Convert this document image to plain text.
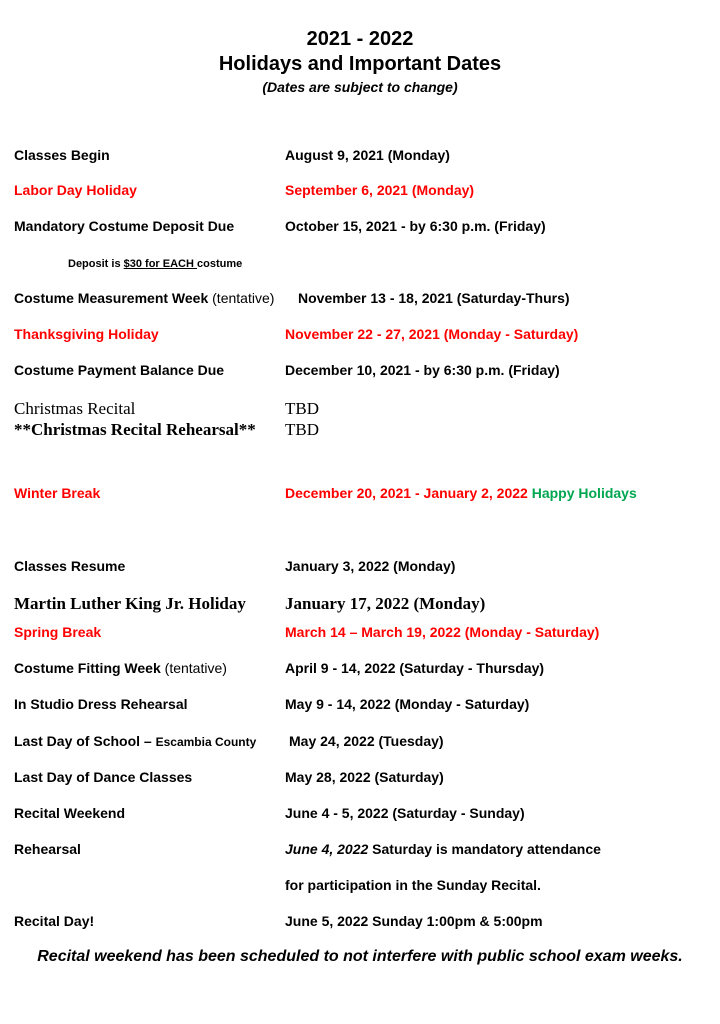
2021 - 2022
Holidays and Important Dates
(Dates are subject to change)
Classes Begin	August 9, 2021 (Monday)
Labor Day Holiday	September 6, 2021 (Monday)
Mandatory Costume Deposit Due	October 15, 2021 - by 6:30 p.m. (Friday)
Deposit is $30 for EACH costume
Costume Measurement Week (tentative) November 13 - 18, 2021 (Saturday-Thurs)
Thanksgiving Holiday	November 22 - 27, 2021 (Monday - Saturday)
Costume Payment Balance Due	December 10, 2021 - by 6:30 p.m. (Friday)
Christmas Recital	TBD
**Christmas Recital Rehearsal** TBD
Winter Break	December 20, 2021 - January 2, 2022 Happy Holidays
Classes Resume	January 3, 2022 (Monday)
Martin Luther King Jr. Holiday January 17, 2022 (Monday)
Spring Break	March 14 – March 19, 2022 (Monday - Saturday)
Costume Fitting Week (tentative)	April 9 - 14, 2022 (Saturday - Thursday)
In Studio Dress Rehearsal	May 9 - 14, 2022 (Monday - Saturday)
Last Day of School – Escambia County May 24, 2022 (Tuesday)
Last Day of Dance Classes	May 28, 2022 (Saturday)
Recital Weekend	June 4 - 5, 2022 (Saturday - Sunday)
Rehearsal	June 4, 2022 Saturday is mandatory attendance
for participation in the Sunday Recital.
Recital Day!	June 5, 2022 Sunday 1:00pm & 5:00pm
Recital weekend has been scheduled to not interfere with public school exam weeks.
